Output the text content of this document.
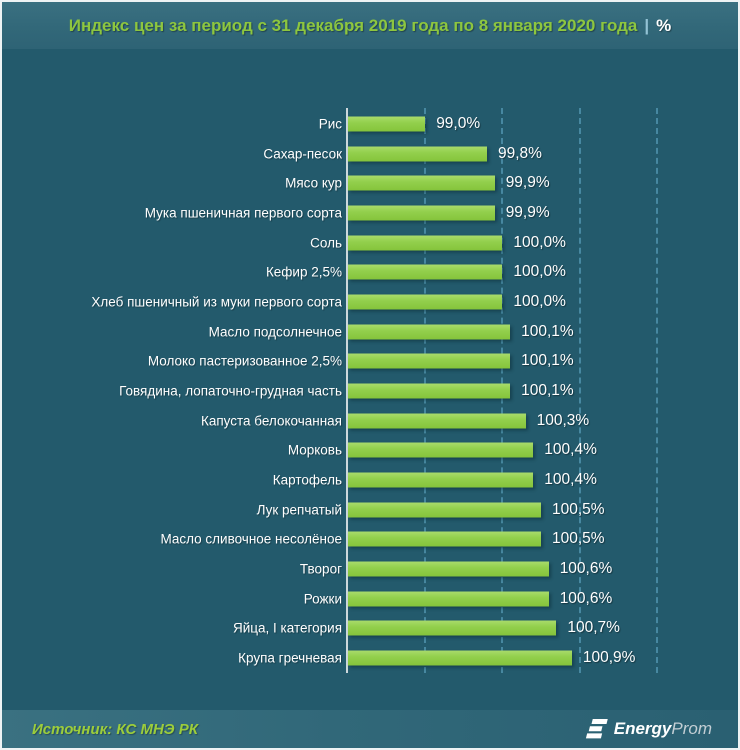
Индекс цен за период с 31 декабря 2019 года по 8 января 2020 года | %
Рис	99,0%
Сахар-песок	99,8%
Мясо кур	99,9%
Мука пшеничная первого сорта	99,9%
Соль	100,0%
Кефир 2,5%	100,0%
Хлеб пшеничный из муки первого сорта	100,0%
Масло подсолнечное	100,1%
Молоко пастеризованное 2,5%	100,1%
Говядина, лопаточно-грудная часть	100,1%
Капуста белокочанная	100,3%
Морковь	100,4%
Картофель	100,4%
Лук репчатый	100,5%
Масло сливочное несолёное	100,5%
Творог	100,6%
Рожки	100,6%
Яйца, I категория	100,7%
Крупа гречневая	100,9%
Источник: КС МНЭ РК	Energy Prom
